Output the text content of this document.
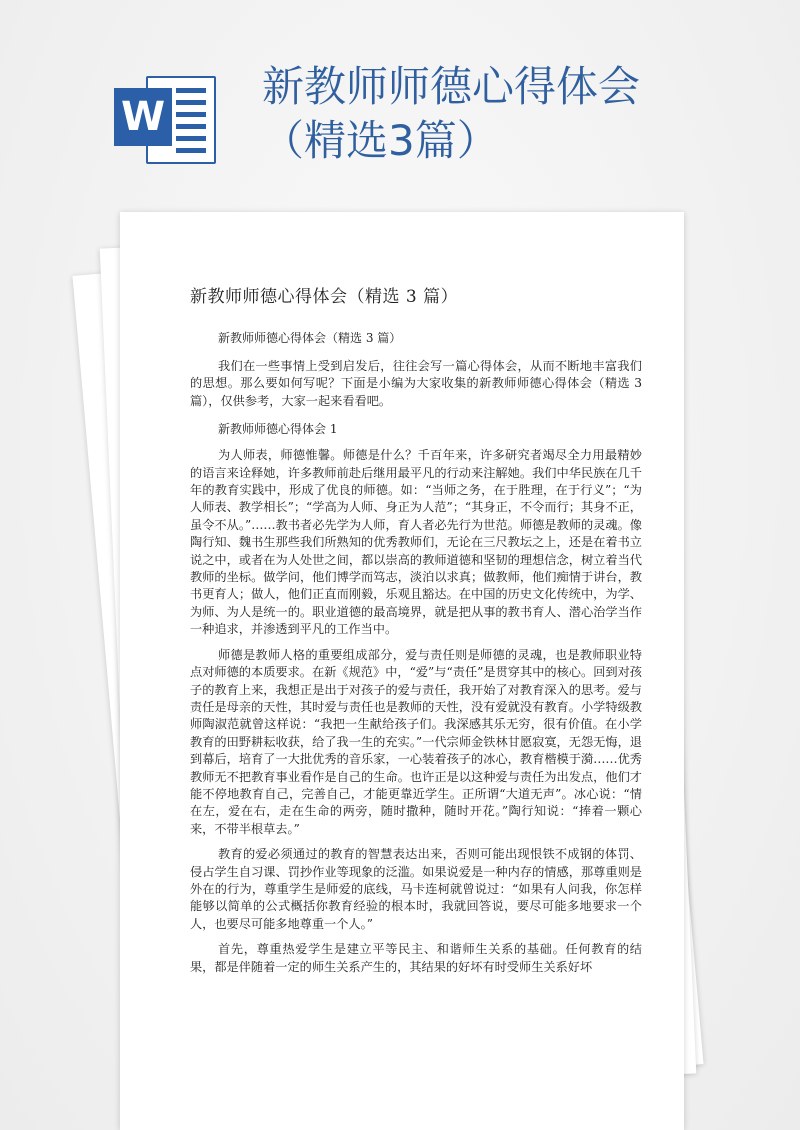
W
新教师师德心得体会（精选3篇）
新教师师德心得体会（精选 3 篇）
新教师师德心得体会（精选 3 篇）

我们在一些事情上受到启发后，往往会写一篇心得体会，从而不断地丰富我们的思想。那么要如何写呢？下面是小编为大家收集的新教师师德心得体会（精选 3 篇），仅供参考，大家一起来看看吧。

新教师师德心得体会 1

为人师表，师德惟馨。师德是什么？千百年来，许多研究者竭尽全力用最精妙的语言来诠释她，许多教师前赴后继用最平凡的行动来注解她。我们中华民族在几千年的教育实践中，形成了优良的师德。如：“当师之务，在于胜理，在于行义”；“为人师表、教学相长”；“学高为人师、身正为人范”；“其身正，不令而行；其身不正，虽令不从。”……教书者必先学为人师，育人者必先行为世范。师德是教师的灵魂。像陶行知、魏书生那些我们所熟知的优秀教师们，无论在三尺教坛之上，还是在着书立说之中，或者在为人处世之间，都以崇高的教师道德和坚韧的理想信念，树立着当代教师的坐标。做学问，他们博学而笃志，淡泊以求真；做教师，他们痴情于讲台，教书更育人；做人，他们正直而刚毅，乐观且豁达。在中国的历史文化传统中，为学、为师、为人是统一的。职业道德的最高境界，就是把从事的教书育人、潜心治学当作一种追求，并渗透到平凡的工作当中。

师德是教师人格的重要组成部分，爱与责任则是师德的灵魂，也是教师职业特点对师德的本质要求。在新《规范》中，“爱”与“责任”是贯穿其中的核心。回到对孩子的教育上来，我想正是出于对孩子的爱与责任，我开始了对教育深入的思考。爱与责任是母亲的天性，其时爱与责任也是教师的天性，没有爱就没有教育。小学特级教师陶淑范就曾这样说：“我把一生献给孩子们。我深感其乐无穷，很有价值。在小学教育的田野耕耘收获，给了我一生的充实。”一代宗师金铁林甘愿寂寞，无怨无悔，退到幕后，培育了一大批优秀的音乐家，一心装着孩子的冰心，教育楷模于漪……优秀教师无不把教育事业看作是自己的生命。也许正是以这种爱与责任为出发点，他们才能不停地教育自己，完善自己，才能更靠近学生。正所谓“大道无声”。冰心说：“情在左，爱在右，走在生命的两旁，随时撒种，随时开花。”陶行知说：“捧着一颗心来，不带半根草去。”

教育的爱必须通过的教育的智慧表达出来，否则可能出现恨铁不成钢的体罚、侵占学生自习课、罚抄作业等现象的泛滥。如果说爱是一种内存的情感，那尊重则是外在的行为，尊重学生是师爱的底线，马卡连柯就曾说过：“如果有人问我，你怎样能够以简单的公式概括你教育经验的根本时，我就回答说，要尽可能多地要求一个人，也要尽可能多地尊重一个人。”

首先，尊重热爱学生是建立平等民主、和谐师生关系的基础。任何教育的结果，都是伴随着一定的师生关系产生的，其结果的好坏有时受师生关系好坏
